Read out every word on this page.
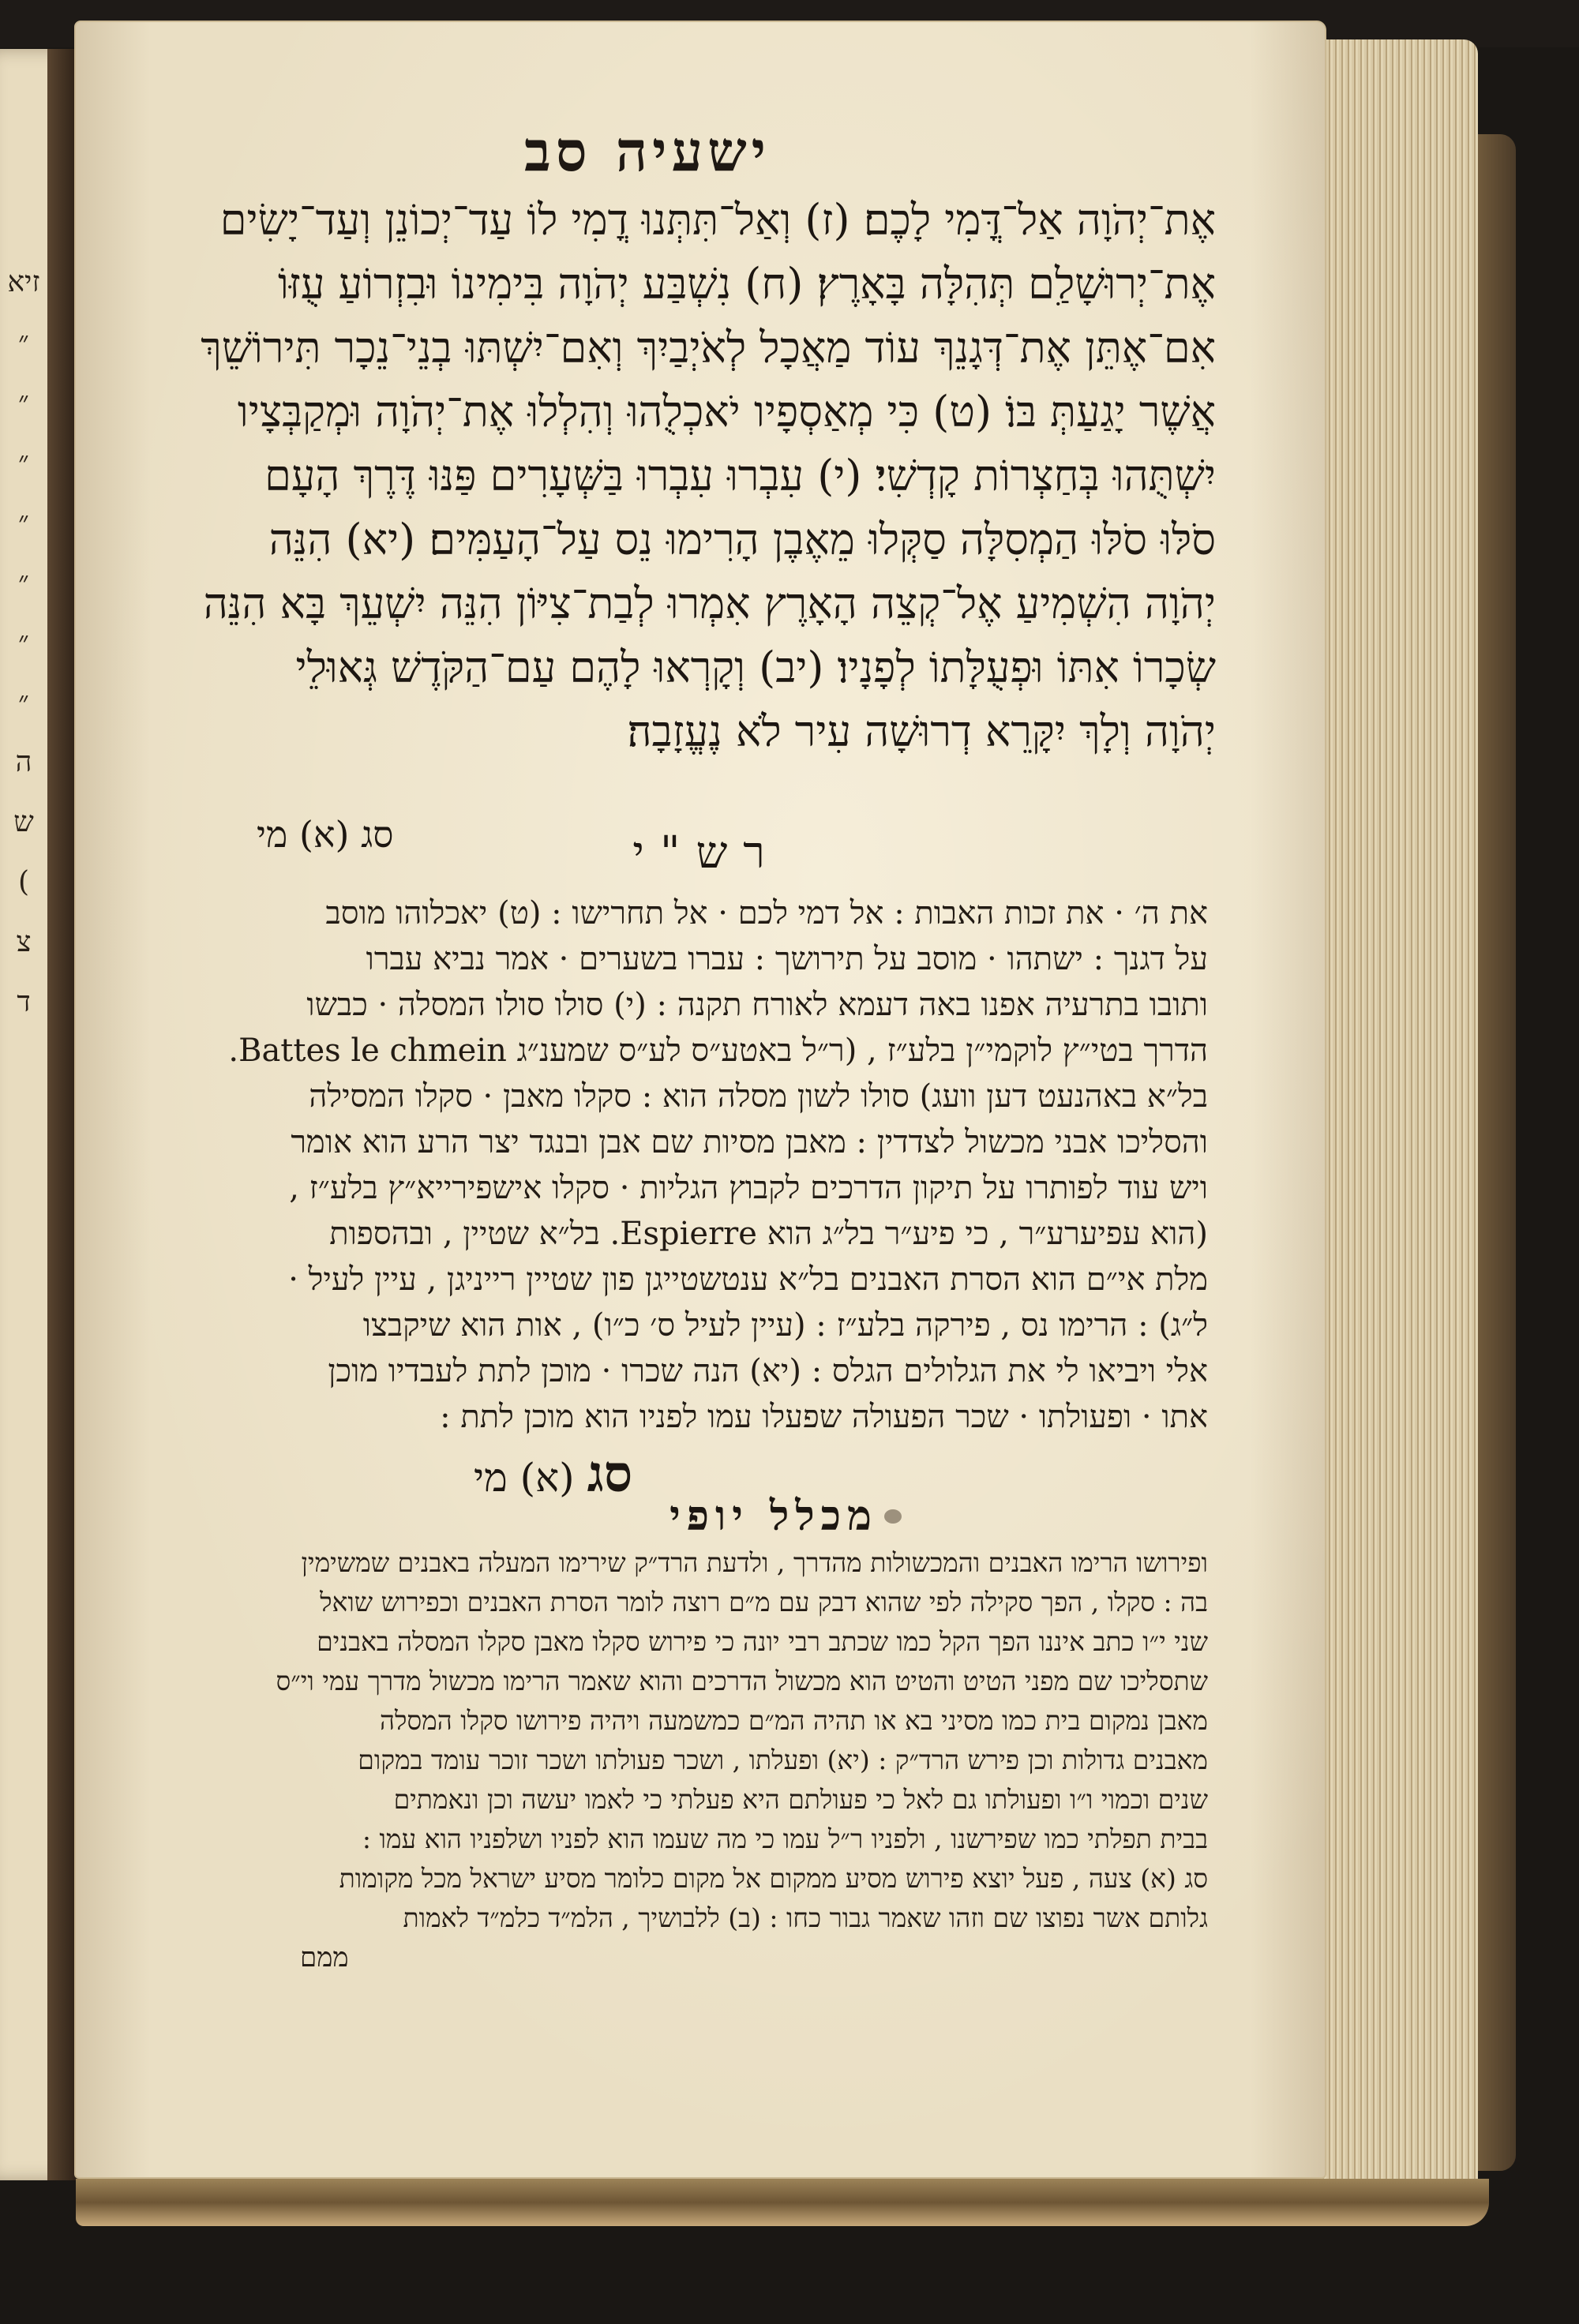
זיא
״
״
״
״
״
״
״
ה
ש
(
צ
ד
ישעיה סב
אֶת־יְהֹוָה אַל־דֳּמִי לָכֶם׃ (ז) וְאַל־תִּתְּנוּ דֳמִי לוֹ עַד־יְכוֹנֵן וְעַד־יָשִׂים
אֶת־יְרוּשָׁלַ͏ִם תְּהִלָּה בָּאָרֶץ׃ (ח) נִשְׁבַּע יְהֹוָה בִּימִינוֹ וּבִזְרוֹעַ עֻזּוֹ
אִם־אֶתֵּן אֶת־דְּגָנֵךְ עוֹד מַאֲכָל לְאֹיְבַיִךְ וְאִם־יִשְׁתּוּ בְנֵי־נֵכָר תִּירוֹשֵׁךְ
אֲשֶׁר יָגַעַתְּ בּוֹ׃ (ט) כִּי מְאַסְפָיו יֹאכְלֻהוּ וְהִלְלוּ אֶת־יְהֹוָה וּמְקַבְּצָיו
יִשְׁתֻּהוּ בְּחַצְרוֹת קָדְשִׁי׃ (י) עִבְרוּ עִבְרוּ בַּשְּׁעָרִים פַּנּוּ דֶּרֶךְ הָעָם
סֹלּוּ סֹלּוּ הַמְסִלָּה סַקְּלוּ מֵאֶבֶן הָרִימוּ נֵס עַל־הָעַמִּים׃ (יא) הִנֵּה
יְהֹוָה הִשְׁמִיעַ אֶל־קְצֵה הָאָרֶץ אִמְרוּ לְבַת־צִיּוֹן הִנֵּה יִשְׁעֵךְ בָּא הִנֵּה
שְׂכָרוֹ אִתּוֹ וּפְעֻלָּתוֹ לְפָנָיו׃ (יב) וְקָרְאוּ לָהֶם עַם־הַקֹּדֶשׁ גְּאוּלֵי
יְהֹוָה וְלָךְ יִקָּרֵא דְרוּשָׁה עִיר לֹא נֶעֱזָבָה׃
סג (א) מי	רש"י
את ה׳ · את זכות האבות : אל דמי לכם · אל תחרישו : (ט) יאכלוהו מוסב
על דגנך : ישתהו · מוסב על תירושך : עברו בשערים · אמר נביא עברו
ותובו בתרעיה אפנו באה דעמא לאורח תקנה : (י) סולו סולו המסלה · כבשו
הדרך בטי״ץ לוקמי״ן בלע״ז , (ר״ל באטע״ס לע״ס שמענ״ג Battes le chmein.
בל״א באהנעט דען וועג) סולו לשון מסלה הוא : סקלו מאבן · סקלו המסילה
והסליכו אבני מכשול לצדדין : מאבן מסיות שם אבן ובנגד יצר הרע הוא אומר
ויש עוד לפותרו על תיקון הדרכים לקבוץ הגליות · סקלו אישפירייא״ץ בלע״ז ,
(הוא עפיערע״ר , כי פיע״ר בל״ג הוא Espierre. בל״א שטיין , ובהספות
מלת אי״ם הוא הסרת האבנים בל״א ענטשטייגן פון שטיין רייניגן , עיין לעיל ·
ל״ג) : הרימו נס , פירקה בלע״ז : (עיין לעיל ס׳ כ״ו) , אות הוא שיקבצו
אלי ויביאו לי את הגלולים הגלס : (יא) הנה שכרו · מוכן לתת לעבדיו מוכן
אתו · ופעולתו · שכר הפעולה שפעלו עמו לפניו הוא מוכן לתת :
סג (א) מי
מכלל יופי
ופירושו הרימו האבנים והמכשולות מהדרך , ולדעת הרד״ק שירימו המעלה באבנים שמשימין
בה : סקלו , הפך סקילה לפי שהוא דבק עם מ״ם רוצה לומר הסרת האבנים וכפירוש שואל
שני י״ו כתב איננו הפך הקל כמו שכתב רבי יונה כי פירוש סקלו מאבן סקלו המסלה באבנים
שתסליכו שם מפני הטיט והטיט הוא מכשול הדרכים והוא שאמר הרימו מכשול מדרך עמי וי״ס
מאבן נמקום בית כמו מסיני בא או תהיה המ״ם כמשמעה ויהיה פירושו סקלו המסלה
מאבנים גדולות וכן פירש הרד״ק : (יא) ופעלתו , ושכר פעולתו ושכר זוכר עומד במקום
שנים וכמוי ו״ו ופעולתו גם לאל כי פעולתם היא פעלתי כי לאמו יעשה וכן ונאמתים
בבית תפלתי כמו שפירשנו , ולפניו ר״ל עמו כי מה שעמו הוא לפניו ושלפניו הוא עמו :
סג (א) צעה , פעל יוצא פירוש מסיע ממקום אל מקום כלומר מסיע ישראל מכל מקומות
גלותם אשר נפוצו שם וזהו שאמר גבור כחו : (ב) ללבושיך , הלמ״ד כלמ״ד לאמות
ממם
